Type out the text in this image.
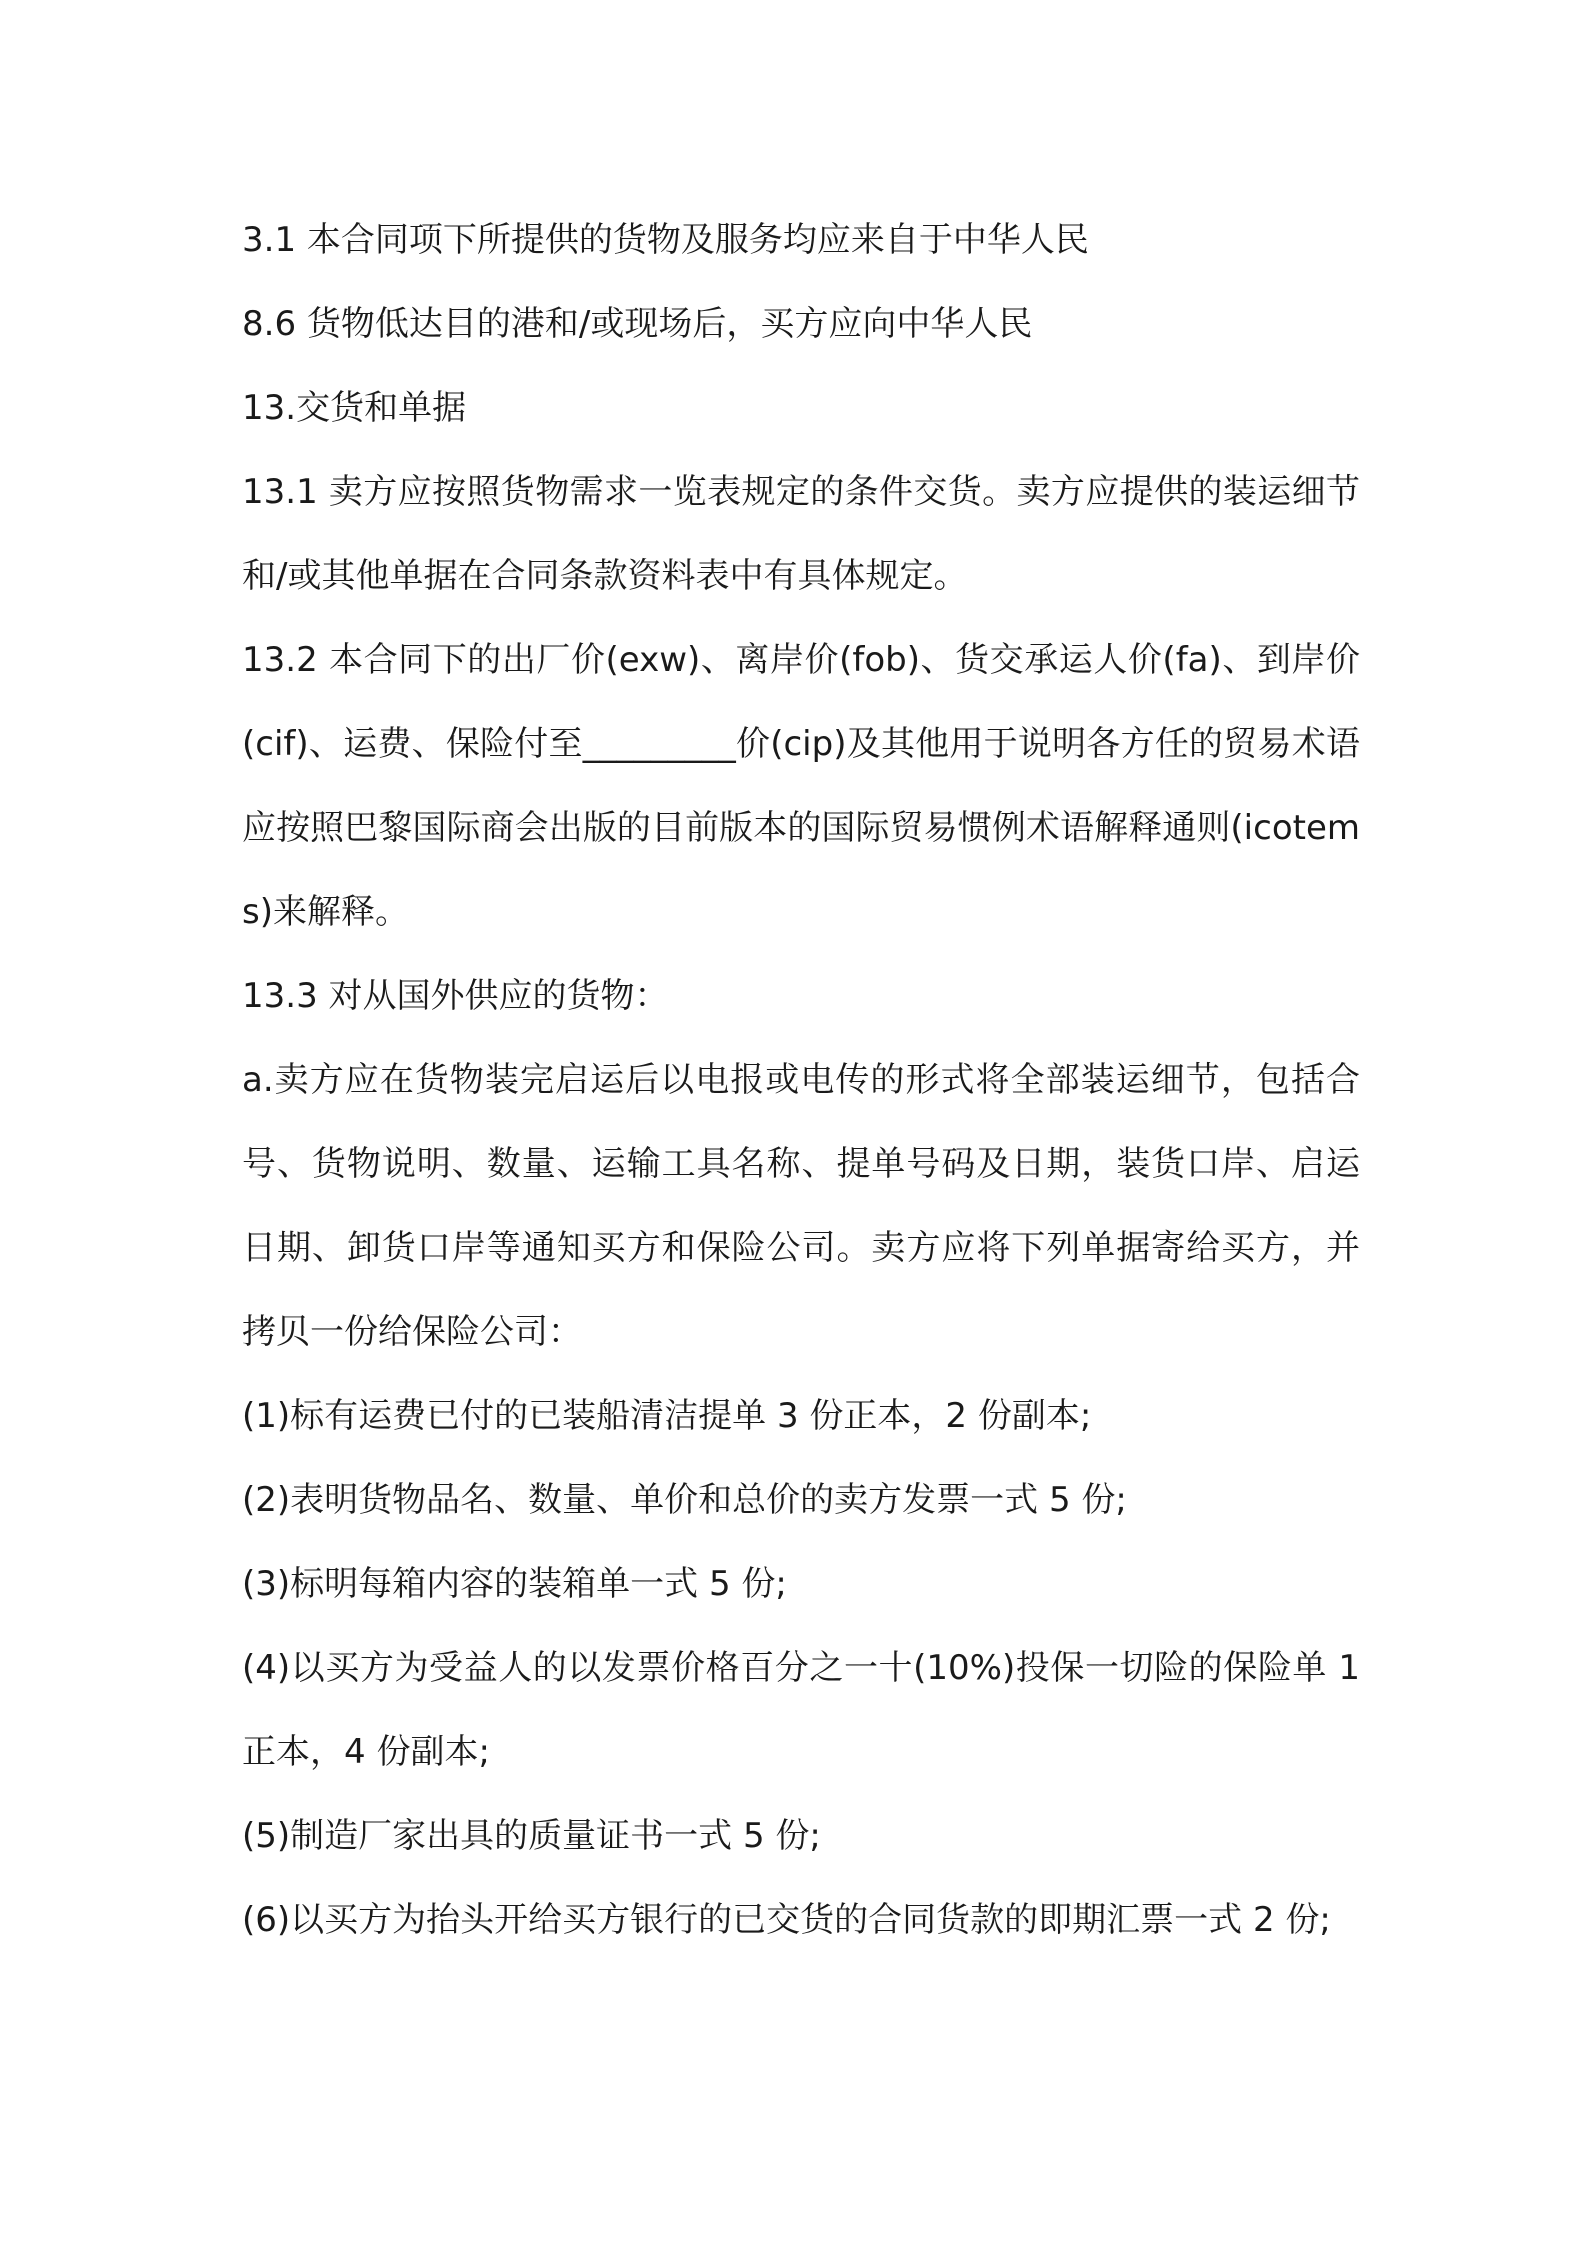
3.1 本合同项下所提供的货物及服务均应来自于中华人民

8.6 货物低达目的港和/或现场后，买方应向中华人民

13.交货和单据

13.1 卖方应按照货物需求一览表规定的条件交货。卖方应提供的装运细节和/或其他单据在合同条款资料表中有具体规定。

13.2 本合同下的出厂价(exw)、离岸价(fob)、货交承运人价(fa)、到岸价(cif)、运费、保险付至_________价(cip)及其他用于说明各方任的贸易术语应按照巴黎国际商会出版的目前版本的国际贸易惯例术语解释通则(icotems)来解释。

13.3 对从国外供应的货物：

a.卖方应在货物装完启运后以电报或电传的形式将全部装运细节，包括合号、货物说明、数量、运输工具名称、提单号码及日期，装货口岸、启运日期、卸货口岸等通知买方和保险公司。卖方应将下列单据寄给买方，并拷贝一份给保险公司：

(1)标有运费已付的已装船清洁提单 3 份正本，2 份副本;

(2)表明货物品名、数量、单价和总价的卖方发票一式 5 份;

(3)标明每箱内容的装箱单一式 5 份;

(4)以买方为受益人的以发票价格百分之一十(10%)投保一切险的保险单 1 正本，4 份副本;

(5)制造厂家出具的质量证书一式 5 份;

(6)以买方为抬头开给买方银行的已交货的合同货款的即期汇票一式 2 份;
